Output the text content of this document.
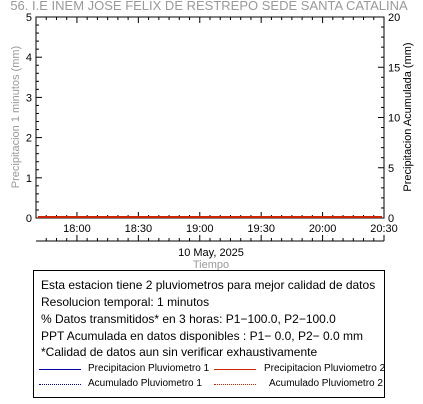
56. I.E INEM JOSE FELIX DE RESTREPO SEDE SANTA CATALINA
0
1
2
3
4
5
0
5
10
15
20
18:00	18:30	19:00	19:30	20:00	20:30
10 May, 2025
Tiempo
Precipitacion 1 minutos (mm)	Precipitacion Acumulada (mm)
Esta estacion tiene 2 pluviometros para mejor calidad de datos
Resolucion temporal: 1 minutos
% Datos transmitidos* en 3 horas: P1−100.0, P2−100.0
PPT Acumulada en datos disponibles : P1− 0.0, P2− 0.0 mm
*Calidad de datos aun sin verificar exhaustivamente
Precipitacion Pluviometro 1	Precipitacion Pluviometro 2
Acumulado Pluviometro 1	Acumulado Pluviometro 2
